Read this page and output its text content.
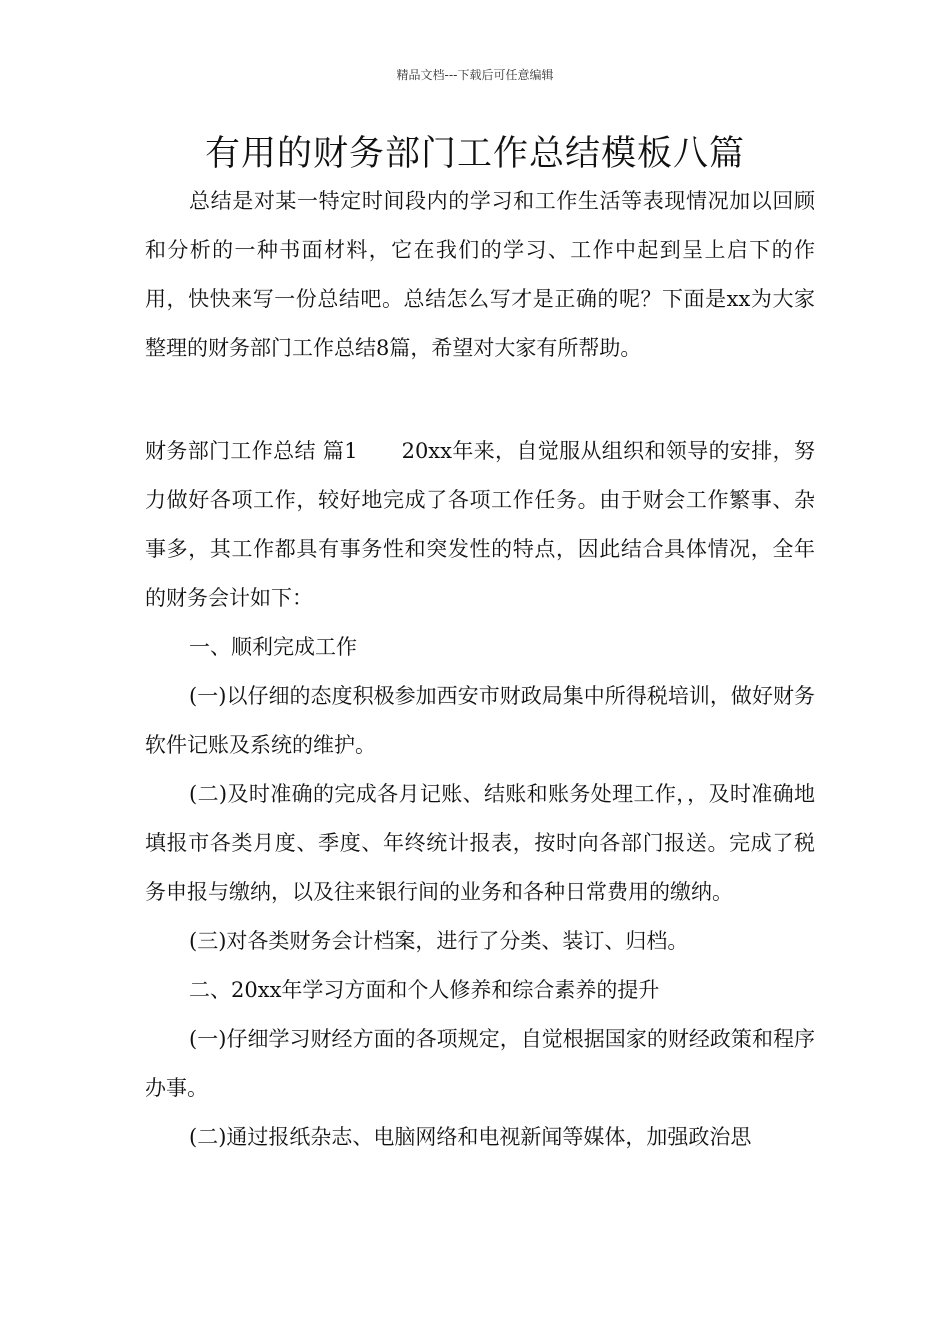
精品文档---下载后可任意编辑
有用的财务部门工作总结模板八篇

总结是对某一特定时间段内的学习和工作生活等表现情况加以回顾和分析的一种书面材料，它在我们的学习、工作中起到呈上启下的作用，快快来写一份总结吧。总结怎么写才是正确的呢？下面是xx为大家整理的财务部门工作总结8篇，希望对大家有所帮助。

财务部门工作总结 篇1 20xx年来，自觉服从组织和领导的安排，努力做好各项工作，较好地完成了各项工作任务。由于财会工作繁事、杂事多，其工作都具有事务性和突发性的特点，因此结合具体情况，全年的财务会计如下：

一、顺利完成工作

(一)以仔细的态度积极参加西安市财政局集中所得税培训，做好财务软件记账及系统的维护。

(二)及时准确的完成各月记账、结账和账务处理工作，，及时准确地填报市各类月度、季度、年终统计报表，按时向各部门报送。完成了税务申报与缴纳，以及往来银行间的业务和各种日常费用的缴纳。

(三)对各类财务会计档案，进行了分类、装订、归档。

二、20xx年学习方面和个人修养和综合素养的提升

(一)仔细学习财经方面的各项规定，自觉根据国家的财经政策和程序办事。

(二)通过报纸杂志、电脑网络和电视新闻等媒体，加强政治思
